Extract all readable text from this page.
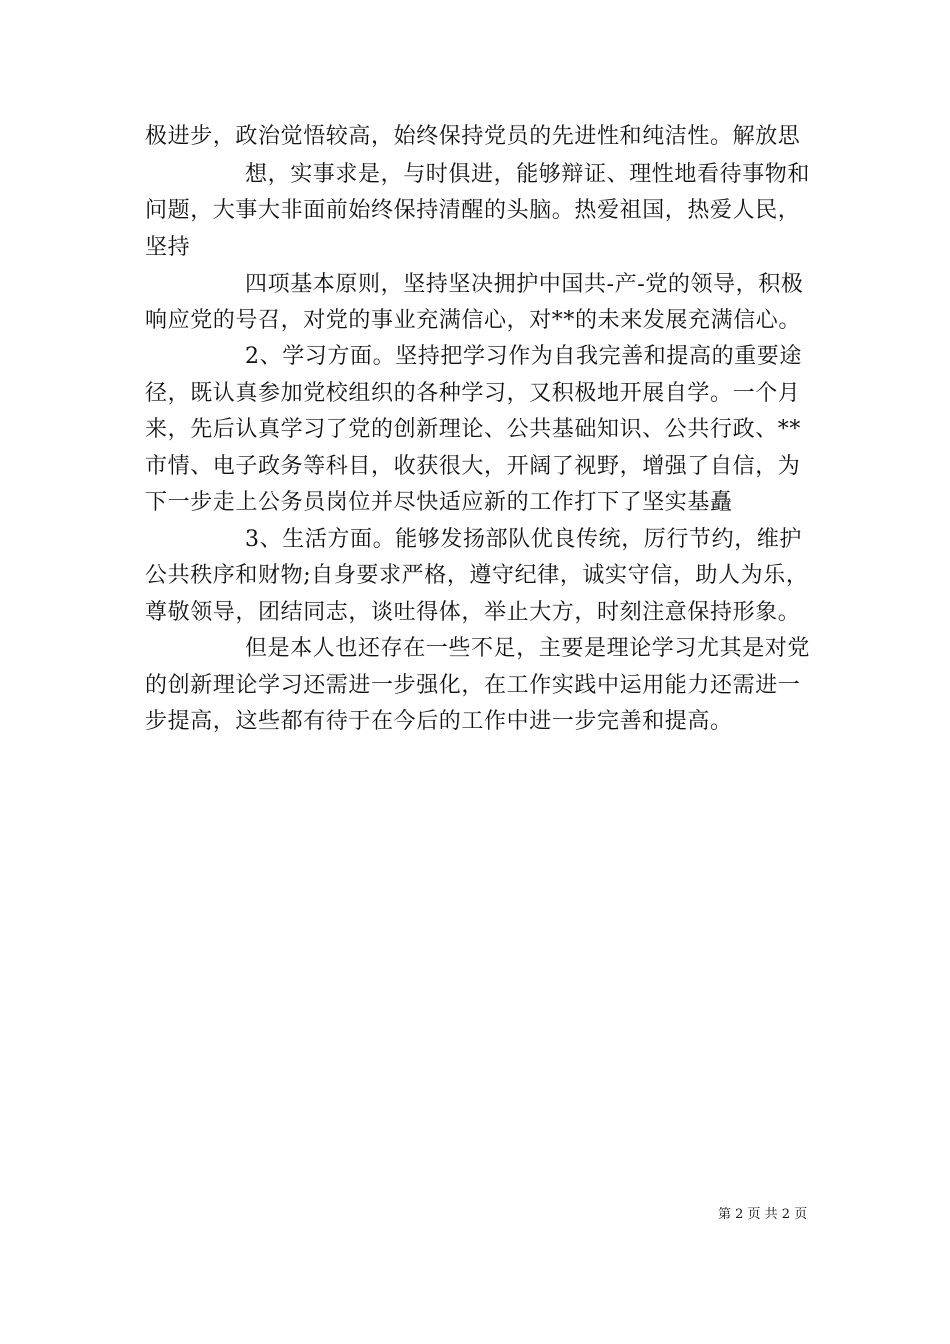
极进步，政治觉悟较高，始终保持党员的先进性和纯洁性。解放思
想，实事求是，与时俱进，能够辩证、理性地看待事物和
问题，大事大非面前始终保持清醒的头脑。热爱祖国，热爱人民，
坚持
四项基本原则，坚持坚决拥护中国共-产-党的领导，积极
响应党的号召，对党的事业充满信心，对**的未来发展充满信心。
2、学习方面。坚持把学习作为自我完善和提高的重要途
径，既认真参加党校组织的各种学习，又积极地开展自学。一个月
来，先后认真学习了党的创新理论、公共基础知识、公共行政、**
市情、电子政务等科目，收获很大，开阔了视野，增强了自信，为
下一步走上公务员岗位并尽快适应新的工作打下了坚实基矗
3、生活方面。能够发扬部队优良传统，厉行节约，维护
公共秩序和财物;自身要求严格，遵守纪律，诚实守信，助人为乐，
尊敬领导，团结同志，谈吐得体，举止大方，时刻注意保持形象。
但是本人也还存在一些不足，主要是理论学习尤其是对党
的创新理论学习还需进一步强化，在工作实践中运用能力还需进一
步提高，这些都有待于在今后的工作中进一步完善和提高。
第 2 页 共 2 页
